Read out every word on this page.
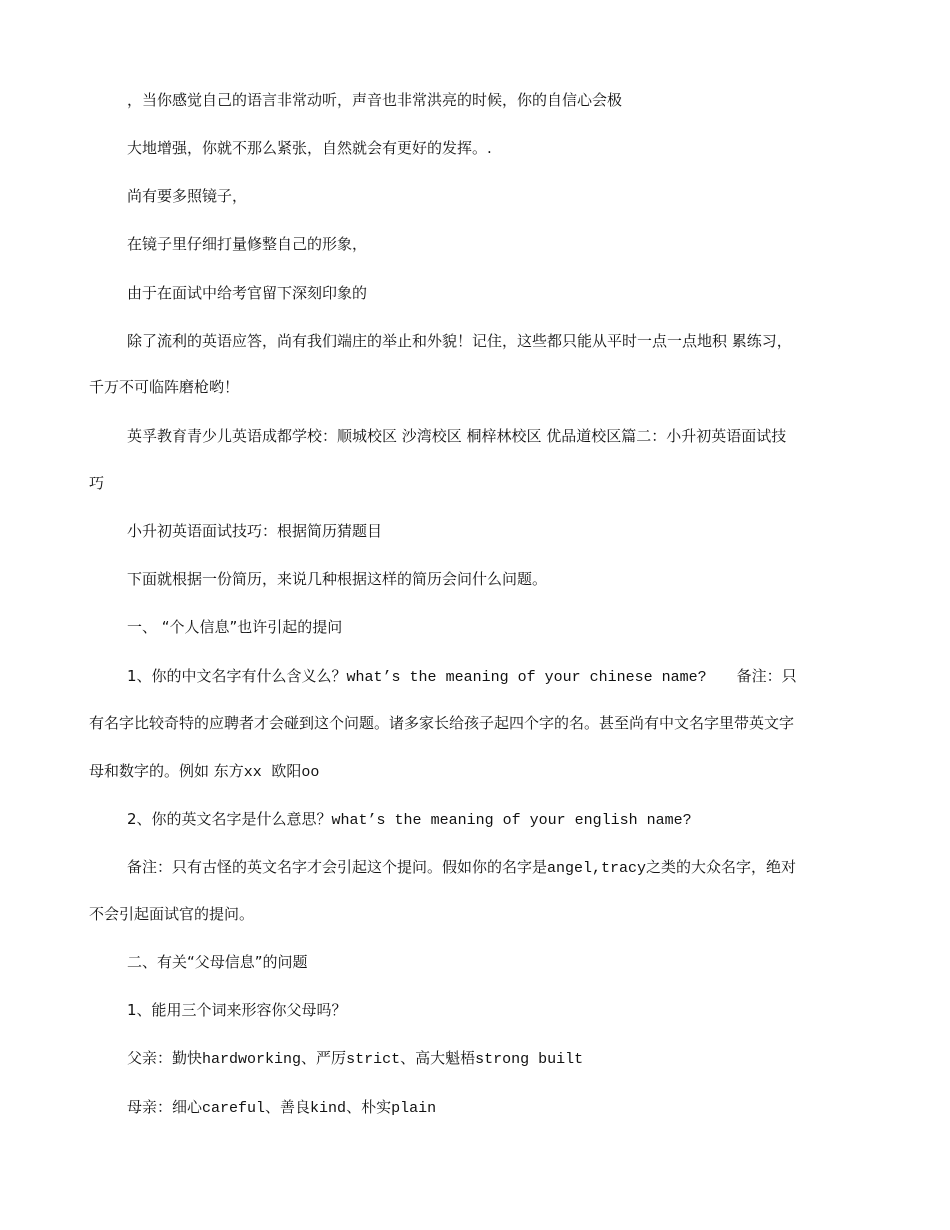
，当你感觉自己的语言非常动听，声音也非常洪亮的时候，你的自信心会极
大地增强，你就不那么紧张，自然就会有更好的发挥。.
尚有要多照镜子，
在镜子里仔细打量修整自己的形象，
由于在面试中给考官留下深刻印象的
除了流利的英语应答，尚有我们端庄的举止和外貌！记住，这些都只能从平时一点一点地积 累练习，
千万不可临阵磨枪哟！
英孚教育青少儿英语成都学校：顺城校区 沙湾校区 桐梓林校区 优品道校区篇二：小升初英语面试技
巧
小升初英语面试技巧：根据简历猜题目
下面就根据一份简历，来说几种根据这样的简历会问什么问题。
一、 “个人信息”也许引起的提问
1、你的中文名字有什么含义么？what’s the meaning of your chinese name? 备注：只
有名字比较奇特的应聘者才会碰到这个问题。诸多家长给孩子起四个字的名。甚至尚有中文名字里带英文字
母和数字的。例如 东方xx 欧阳oo
2、你的英文名字是什么意思？what’s the meaning of your english name?
备注：只有古怪的英文名字才会引起这个提问。假如你的名字是angel,tracy之类的大众名字，绝对
不会引起面试官的提问。
二、有关“父母信息”的问题
1、能用三个词来形容你父母吗？
父亲：勤快hardworking、严厉strict、高大魁梧strong built
母亲：细心careful、善良kind、朴实plain
